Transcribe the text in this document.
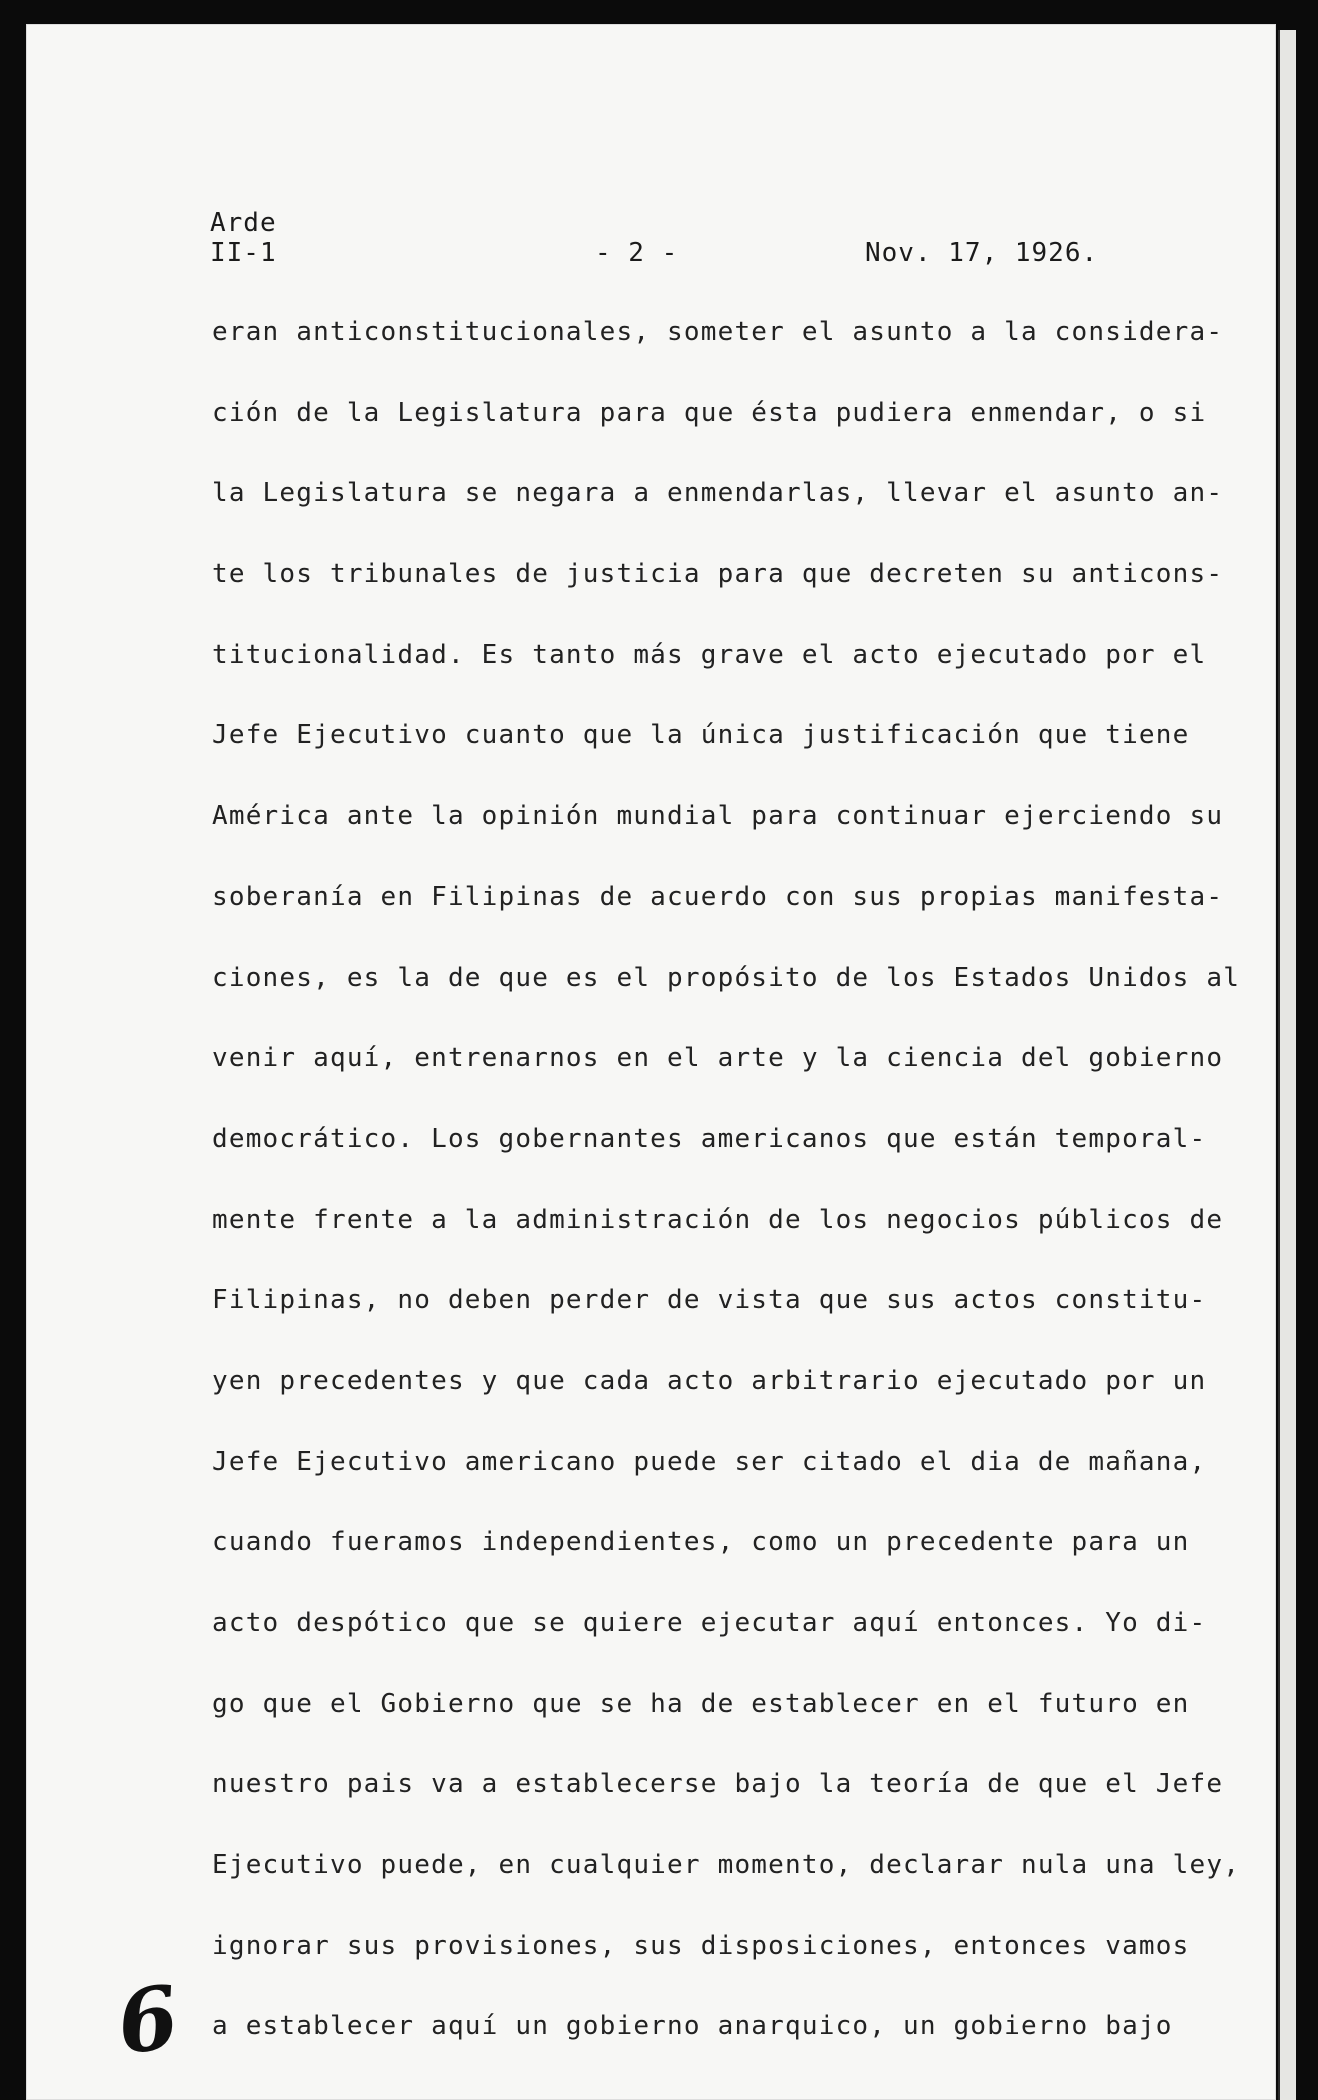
Arde
II-1	- 2 -	Nov. 17, 1926.
eran anticonstitucionales, someter el asunto a la considera-
ción de la Legislatura para que ésta pudiera enmendar, o si
la Legislatura se negara a enmendarlas, llevar el asunto an-
te los tribunales de justicia para que decreten su anticons-
titucionalidad. Es tanto más grave el acto ejecutado por el
Jefe Ejecutivo cuanto que la única justificación que tiene
América ante la opinión mundial para continuar ejerciendo su
soberanía en Filipinas de acuerdo con sus propias manifesta-
ciones, es la de que es el propósito de los Estados Unidos al
venir aquí, entrenarnos en el arte y la ciencia del gobierno
democrático. Los gobernantes americanos que están temporal-
mente frente a la administración de los negocios públicos de
Filipinas, no deben perder de vista que sus actos constitu-
yen precedentes y que cada acto arbitrario ejecutado por un
Jefe Ejecutivo americano puede ser citado el dia de mañana,
cuando fueramos independientes, como un precedente para un
acto despótico que se quiere ejecutar aquí entonces. Yo di-
go que el Gobierno que se ha de establecer en el futuro en
nuestro pais va a establecerse bajo la teoría de que el Jefe
Ejecutivo puede, en cualquier momento, declarar nula una ley,
ignorar sus provisiones, sus disposiciones, entonces vamos
a establecer aquí un gobierno anarquico, un gobierno bajo
6
